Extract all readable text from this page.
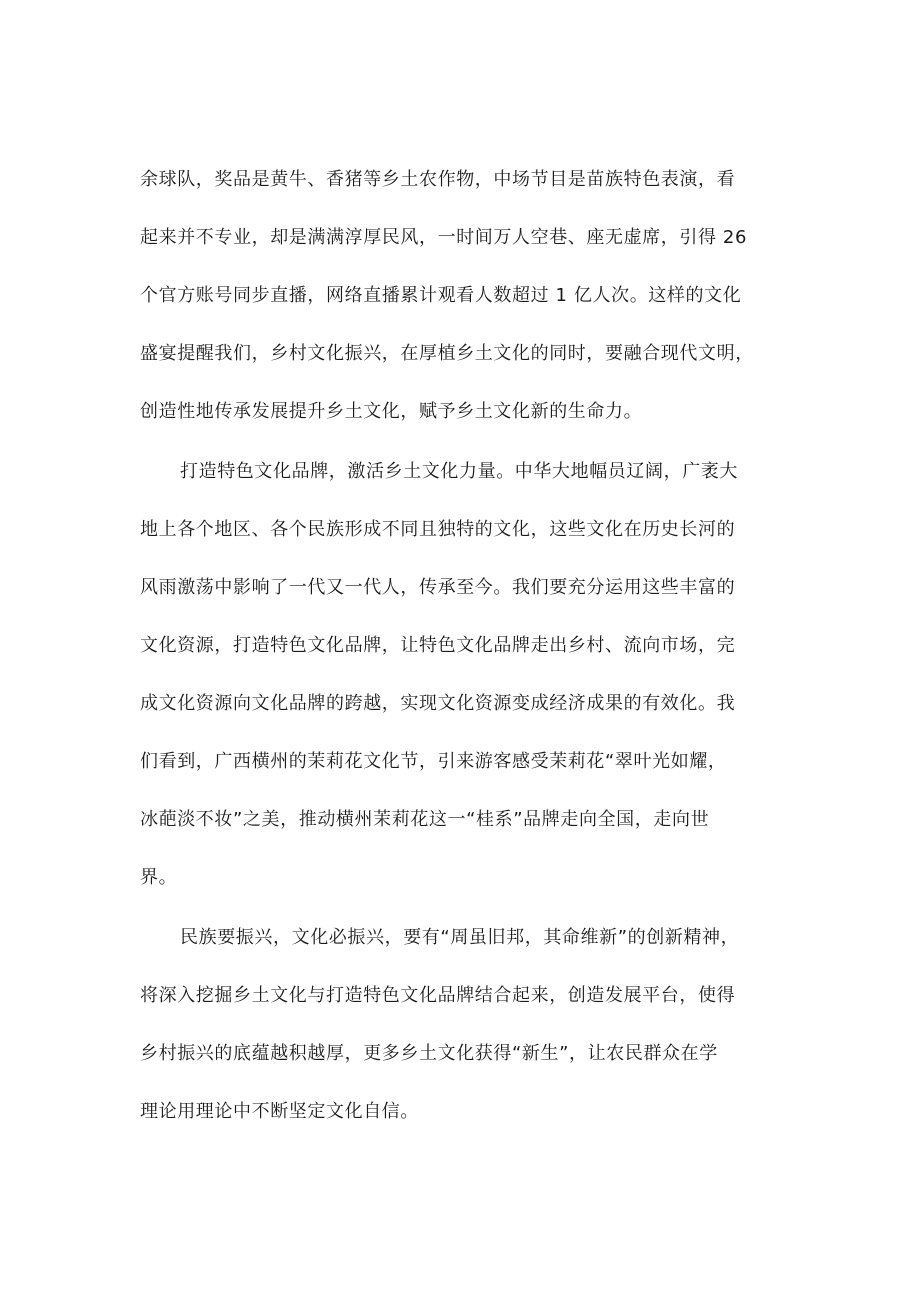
余球队，奖品是黄牛、香猪等乡土农作物，中场节目是苗族特色表演，看
起来并不专业，却是满满淳厚民风，一时间万人空巷、座无虚席，引得 26
个官方账号同步直播，网络直播累计观看人数超过 1 亿人次。这样的文化
盛宴提醒我们，乡村文化振兴，在厚植乡土文化的同时，要融合现代文明，
创造性地传承发展提升乡土文化，赋予乡土文化新的生命力。
打造特色文化品牌，激活乡土文化力量。中华大地幅员辽阔，广袤大
地上各个地区、各个民族形成不同且独特的文化，这些文化在历史长河的
风雨激荡中影响了一代又一代人，传承至今。我们要充分运用这些丰富的
文化资源，打造特色文化品牌，让特色文化品牌走出乡村、流向市场，完
成文化资源向文化品牌的跨越，实现文化资源变成经济成果的有效化。我
们看到，广西横州的茉莉花文化节，引来游客感受茉莉花“翠叶光如耀，
冰葩淡不妆”之美，推动横州茉莉花这一“桂系”品牌走向全国，走向世
界。
民族要振兴，文化必振兴，要有“周虽旧邦，其命维新”的创新精神，
将深入挖掘乡土文化与打造特色文化品牌结合起来，创造发展平台，使得
乡村振兴的底蕴越积越厚，更多乡土文化获得“新生”，让农民群众在学
理论用理论中不断坚定文化自信。
